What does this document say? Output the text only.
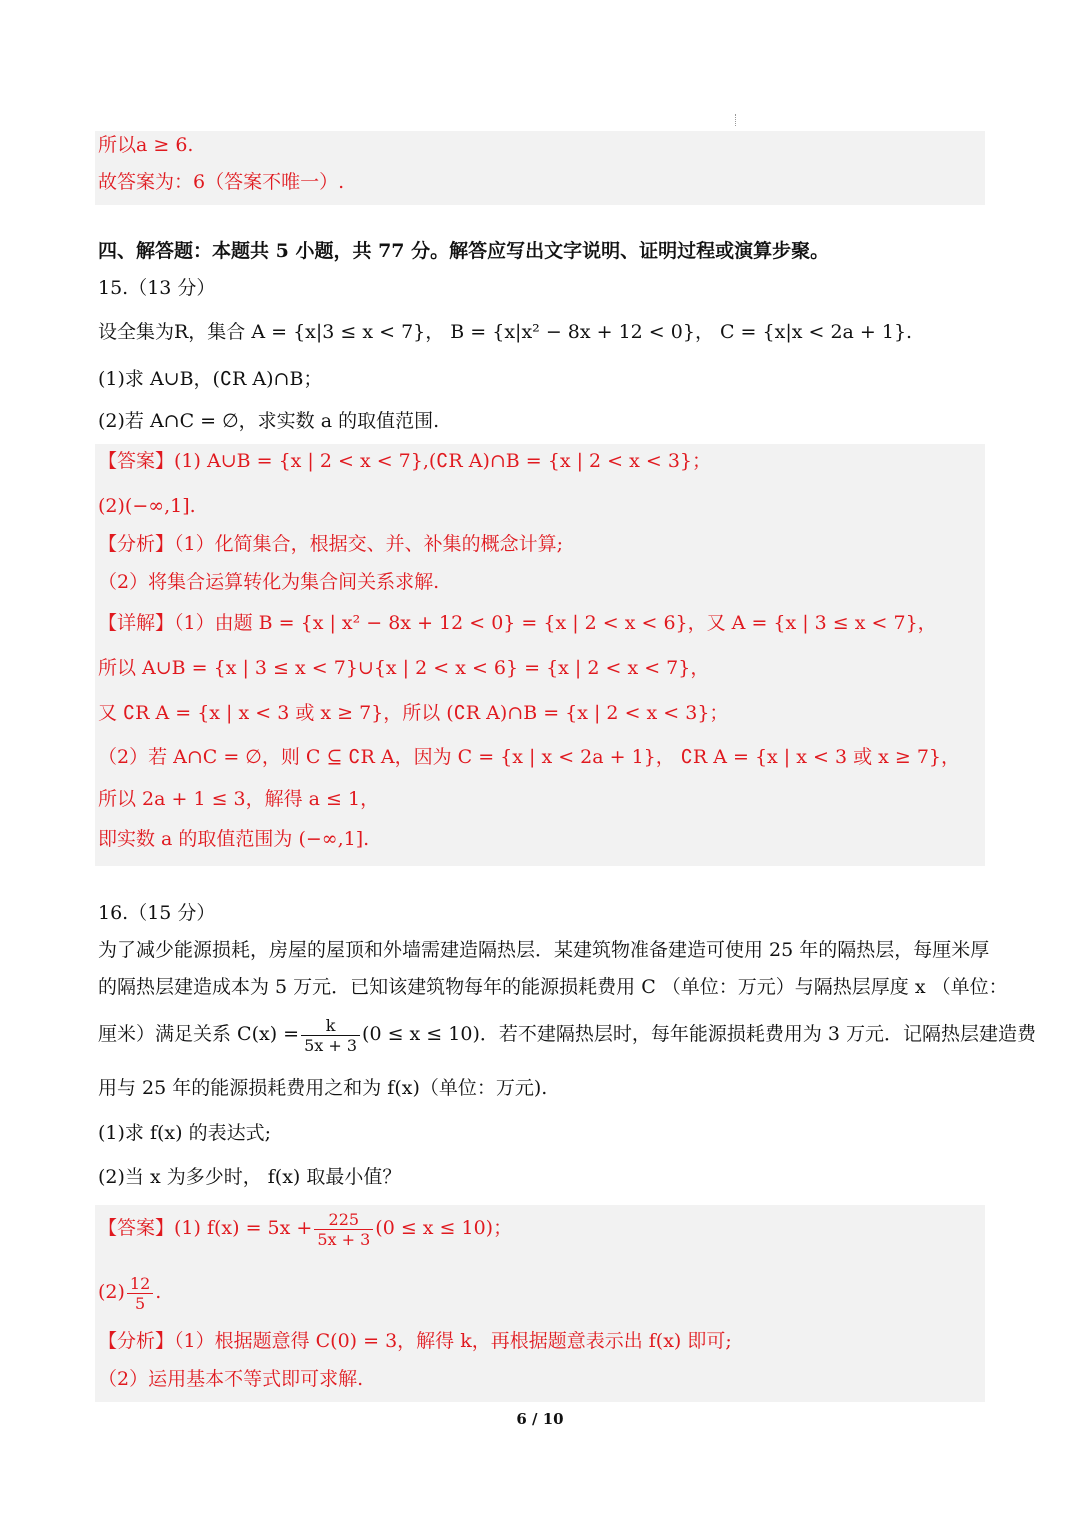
所以a ≥ 6.
故答案为：6（答案不唯一）.
四、解答题：本题共 5 小题，共 77 分。解答应写出文字说明、证明过程或演算步聚。
15.（13 分）
设全集为R，集合 A = {x|3 ≤ x < 7}， B = {x|x² − 8x + 12 < 0}， C = {x|x < 2a + 1}.
(1)求 A∪B，(∁R A)∩B；
(2)若 A∩C = ∅，求实数 a 的取值范围.
【答案】(1) A∪B = {x | 2 < x < 7},(∁R A)∩B = {x | 2 < x < 3}；
(2)(−∞,1].
【分析】（1）化简集合，根据交、并、补集的概念计算;
（2）将集合运算转化为集合间关系求解.
【详解】（1）由题 B = {x | x² − 8x + 12 < 0} = {x | 2 < x < 6}，又 A = {x | 3 ≤ x < 7}，
所以 A∪B = {x | 3 ≤ x < 7}∪{x | 2 < x < 6} = {x | 2 < x < 7}，
又 ∁R A = {x | x < 3 或 x ≥ 7}，所以 (∁R A)∩B = {x | 2 < x < 3}；
（2）若 A∩C = ∅，则 C ⊆ ∁R A，因为 C = {x | x < 2a + 1}， ∁R A = {x | x < 3 或 x ≥ 7}，
所以 2a + 1 ≤ 3，解得 a ≤ 1，
即实数 a 的取值范围为 (−∞,1].
16.（15 分）
为了减少能源损耗，房屋的屋顶和外墙需建造隔热层．某建筑物准备建造可使用 25 年的隔热层，每厘米厚
的隔热层建造成本为 5 万元．已知该建筑物每年的能源损耗费用 C （单位：万元）与隔热层厚度 x （单位：
厘米）满足关系 $C(x) = \frac{k}{5x + 3} (0 \le x \le 10)$．若不建隔热层时，每年能源损耗费用为 3 万元．记隔热层建造费
用与 25 年的能源损耗费用之和为 f(x)（单位：万元).
(1)求 f(x) 的表达式;
(2)当 x 为多少时， f(x) 取最小值？
【答案】(1) $f(x) = 5x + \frac{225}{5x + 3} (0 \le x \le 10)$；
$(2) \frac{12}{5}$ .
【分析】（1）根据题意得 C(0) = 3，解得 k，再根据题意表示出 f(x) 即可;
（2）运用基本不等式即可求解.
6 / 10
